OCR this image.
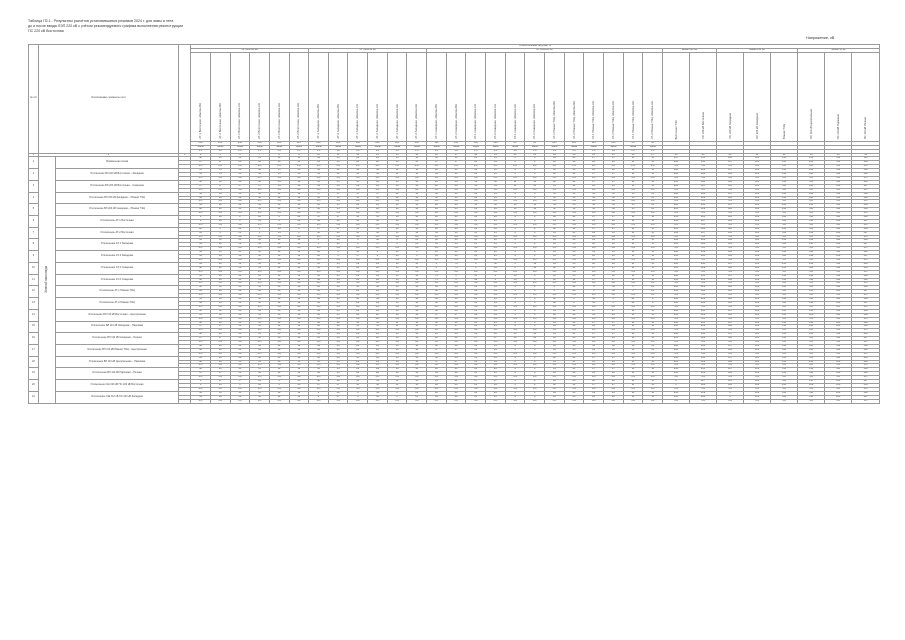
Таблица П2.1 - Результаты расчётов установившихся режимов 2024 г. для зимы и лета
до и после ввода ЛЭП 220 кВ с учётом рекомендуемого графика выполнения реконструкции
ПС 220 кВ Восточная
Напряжение, кВ
№ п/п	Отключаемые элементы сети			Относительная загрузка, %																															
				АТ 220/110 кВ						АТ 220/110 кВ						АТ 220/110 кВ												Шины 220 кВ		Шины 110 кВ			Шины 35 кВ		
				АТ-1 Восточная, обмотка ВН	АТ-2 Восточная, обмотка ВН	АТ-1 Восточная, обмотка СН	АТ-2 Восточная, обмотка СН	АТ-1 Восточная, обмотка НН	АТ-2 Восточная, обмотка НН	АТ-1 Западная, обмотка ВН	АТ-2 Западная, обмотка ВН	АТ-1 Западная, обмотка СН	АТ-2 Западная, обмотка СН	АТ-1 Западная, обмотка НН	АТ-2 Западная, обмотка НН	АТ-1 Северная, обмотка ВН	АТ-2 Северная, обмотка ВН	АТ-1 Северная, обмотка СН	АТ-2 Северная, обмотка СН	АТ-1 Северная, обмотка НН	АТ-2 Северная, обмотка НН	АТ-1 Южная ТЭЦ, обмотка ВН	АТ-2 Южная ТЭЦ, обмотка ВН	АТ-1 Южная ТЭЦ, обмотка СН	АТ-2 Южная ТЭЦ, обмотка СН	АТ-1 Южная ТЭЦ, обмотка НН	АТ-2 Южная ТЭЦ, обмотка НН	Восточная ТЭС	ПС 220 кВ Восточная	ПС 220 кВ Западная	ПС 220 кВ Северная	Южная ТЭЦ	ПС 110 кВ Центральная	ПС 110 кВ Парковая	ПС 110 кВ Речная
				250	250	250	250	125	125	200	200	200	200	100	100	160	160	160	160	80	80	125	125	125	125	63	63								
				Sном	Sном	Sном	Sном	Sном	Sном	Sном	Sном	Sном	Sном	Sном	Sном	Sном	Sном	Sном	Sном	Sном	Sном	Sном	Sном	Sном	Sном	Sном	Sном								
				1.0	1.0	1.0	1.0	1.0	1.0	1.0	1.0	1.0	1.0	1.0	1.0	1.0	1.0	1.0	1.0	1.0	1.0	1.0	1.0	1.0	1.0	1.0	1.0								
1	2		3	4	5	6	7	8	9	10	11	12	13	14	15	16	17	18	19	20	21	22	23	24	25	26	27	28	29	30	31	32	33	34	35
1	Зимний максимум	Нормальная схема		48	48	31	31	12	12	44	44	29	29	10	10	38	38	25	25	9	9	41	41	27	27	11	11	237	231	118	116	114	113	112	110
				47	47	30	30	12	12	43	43	28	28	10	10	37	37	24	24	9	9	40	40	26	26	11	11	236	230	117	115	113	112	111	109
				2%	2%	2%	2%	2%	2%	2%	2%	2%	2%	2%	2%	2%	2%	2%	2%	2%	2%	2%	2%	2%	2%	2%	2%	3%	3%	3%	3%	3%	3%	3%	3%
2		Отключение ВЛ 220 кВ Восточная – Западная		55	55	36	36	13	13	52	52	34	34	11	11	40	40	26	26	9	9	43	43	28	28	11	11	236	229	117	115	113	112	111	109
				54	54	35	35	13	13	51	51	33	33	11	11	39	39	25	25	9	9	42	42	27	27	11	11	235	228	116	114	112	111	110	108
				3%	3%	3%	3%	3%	3%	3%	3%	3%	3%	3%	3%	3%	3%	3%	3%	3%	3%	3%	3%	3%	3%	3%	3%	3%	3%	3%	3%	3%	3%	3%	3%
3		Отключение ВЛ 220 кВ Восточная – Северная		58	58	38	38	14	14	45	45	30	30	10	10	49	49	32	32	11	11	42	42	27	27	11	11	235	228	116	114	112	111	110	108
				57	57	37	37	14	14	44	44	29	29	10	10	48	48	31	31	11	11	41	41	26	26	11	11	234	227	115	113	111	110	109	107
				3%	3%	3%	3%	3%	3%	3%	3%	3%	3%	3%	3%	3%	3%	3%	3%	3%	3%	3%	3%	3%	3%	3%	3%	3%	3%	3%	3%	3%	3%	3%	3%
4		Отключение ВЛ 220 кВ Западная – Южная ТЭЦ		50	50	33	33	12	12	57	57	37	37	12	12	39	39	25	25	9	9	51	51	33	33	13	13	236	230	117	115	113	112	111	109
				49	49	32	32	12	12	56	56	36	36	12	12	38	38	24	24	9	9	50	50	32	32	13	13	235	229	116	114	112	111	110	108
				3%	3%	3%	3%	3%	3%	3%	3%	3%	3%	3%	3%	3%	3%	3%	3%	3%	3%	3%	3%	3%	3%	3%	3%	3%	3%	3%	3%	3%	3%	3%	3%
5		Отключение ВЛ 220 кВ Северная – Южная ТЭЦ		49	49	32	32	12	12	45	45	29	29	10	10	46	46	30	30	10	10	53	53	34	34	13	13	236	230	117	115	113	112	111	109
				48	48	31	31	12	12	44	44	28	28	10	10	45	45	29	29	10	10	52	52	33	33	13	13	235	229	116	114	112	111	110	108
				3%	3%	3%	3%	3%	3%	3%	3%	3%	3%	3%	3%	3%	3%	3%	3%	3%	3%	3%	3%	3%	3%	3%	3%	3%	3%	3%	3%	3%	3%	3%	3%
6		Отключение АТ-1 Восточная		0	96	0	62	0	24	47	47	31	31	10	10	40	40	26	26	9	9	42	42	27	27	11	11	235	228	116	114	112	111	110	108
				0	94	0	61	0	24	46	46	30	30	10	10	39	39	25	25	9	9	41	41	26	26	11	11	234	227	115	113	111	110	109	107
				0%	5%	0%	5%	0%	5%	3%	3%	3%	3%	3%	3%	3%	3%	3%	3%	3%	3%	3%	3%	3%	3%	3%	3%	3%	3%	3%	3%	3%	3%	3%	3%
7		Отключение АТ-2 Восточная		96	0	62	0	24	0	47	47	31	31	10	10	40	40	26	26	9	9	42	42	27	27	11	11	235	228	116	114	112	111	110	108
				94	0	61	0	24	0	46	46	30	30	10	10	39	39	25	25	9	9	41	41	26	26	11	11	234	227	115	113	111	110	109	107
				5%	0%	5%	0%	5%	0%	3%	3%	3%	3%	3%	3%	3%	3%	3%	3%	3%	3%	3%	3%	3%	3%	3%	3%	3%	3%	3%	3%	3%	3%	3%	3%
8		Отключение АТ-1 Западная		50	50	33	33	12	12	0	88	0	58	0	20	40	40	26	26	9	9	44	44	29	29	11	11	236	229	116	114	112	111	110	108
				49	49	32	32	12	12	0	86	0	57	0	20	39	39	25	25	9	9	43	43	28	28	11	11	235	228	115	113	111	110	109	107
				3%	3%	3%	3%	3%	3%	0%	5%	0%	5%	0%	5%	3%	3%	3%	3%	3%	3%	3%	3%	3%	3%	3%	3%	3%	3%	3%	3%	3%	3%	3%	3%
9		Отключение АТ-2 Западная		50	50	33	33	12	12	88	0	58	0	20	0	40	40	26	26	9	9	44	44	29	29	11	11	236	229	116	114	112	111	110	108
				49	49	32	32	12	12	86	0	57	0	20	0	39	39	25	25	9	9	43	43	28	28	11	11	235	228	115	113	111	110	109	107
				3%	3%	3%	3%	3%	3%	5%	0%	5%	0%	5%	0%	3%	3%	3%	3%	3%	3%	3%	3%	3%	3%	3%	3%	3%	3%	3%	3%	3%	3%	3%	3%
10		Отключение АТ-1 Северная		49	49	32	32	12	12	45	45	29	29	10	10	0	76	0	50	0	18	43	43	28	28	11	11	236	230	117	115	113	112	111	109
				48	48	31	31	12	12	44	44	28	28	10	10	0	75	0	49	0	18	42	42	27	27	11	11	235	229	116	114	112	111	110	108
				3%	3%	3%	3%	3%	3%	3%	3%	3%	3%	3%	3%	0%	5%	0%	5%	0%	5%	3%	3%	3%	3%	3%	3%	3%	3%	3%	3%	3%	3%	3%	3%
11		Отключение АТ-2 Северная		49	49	32	32	12	12	45	45	29	29	10	10	76	0	50	0	18	0	43	43	28	28	11	11	236	230	117	115	113	112	111	109
				48	48	31	31	12	12	44	44	28	28	10	10	75	0	49	0	18	0	42	42	27	27	11	11	235	229	116	114	112	111	110	108
				3%	3%	3%	3%	3%	3%	3%	3%	3%	3%	3%	3%	5%	0%	5%	0%	5%	0%	3%	3%	3%	3%	3%	3%	3%	3%	3%	3%	3%	3%	3%	3%
12		Отключение АТ-1 Южная ТЭЦ		50	50	33	33	12	12	46	46	30	30	10	10	39	39	25	25	9	9	0	82	0	54	0	22	236	229	116	114	112	111	110	108
				49	49	32	32	12	12	45	45	29	29	10	10	38	38	24	24	9	9	0	80	0	53	0	22	235	228	115	113	111	110	109	107
				3%	3%	3%	3%	3%	3%	3%	3%	3%	3%	3%	3%	3%	3%	3%	3%	3%	3%	0%	5%	0%	5%	0%	5%	3%	3%	3%	3%	3%	3%	3%	3%
13		Отключение АТ-2 Южная ТЭЦ		50	50	33	33	12	12	46	46	30	30	10	10	39	39	25	25	9	9	82	0	54	0	22	0	236	229	116	114	112	111	110	108
				49	49	32	32	12	12	45	45	29	29	10	10	38	38	24	24	9	9	80	0	53	0	22	0	235	228	115	113	111	110	109	107
				3%	3%	3%	3%	3%	3%	3%	3%	3%	3%	3%	3%	3%	3%	3%	3%	3%	3%	5%	0%	5%	0%	5%	0%	3%	3%	3%	3%	3%	3%	3%	3%
14		Отключение ВЛ 110 кВ Восточная – Центральная		52	52	34	34	12	12	44	44	29	29	10	10	38	38	25	25	9	9	41	41	27	27	11	11	236	230	117	115	113	110	111	109
				51	51	33	33	12	12	43	43	28	28	10	10	37	37	24	24	9	9	40	40	26	26	11	11	235	229	116	114	112	109	110	108
				3%	3%	3%	3%	3%	3%	3%	3%	3%	3%	3%	3%	3%	3%	3%	3%	3%	3%	3%	3%	3%	3%	3%	3%	3%	3%	3%	3%	3%	3%	3%	3%
15		Отключение ВЛ 110 кВ Западная – Парковая		48	48	31	31	12	12	49	49	32	32	11	11	38	38	25	25	9	9	41	41	27	27	11	11	236	230	117	115	113	112	109	109
				47	47	30	30	12	12	48	48	31	31	11	11	37	37	24	24	9	9	40	40	26	26	11	11	235	229	116	114	112	111	108	108
				3%	3%	3%	3%	3%	3%	3%	3%	3%	3%	3%	3%	3%	3%	3%	3%	3%	3%	3%	3%	3%	3%	3%	3%	3%	3%	3%	3%	3%	3%	3%	3%
16		Отключение ВЛ 110 кВ Северная – Речная		48	48	31	31	12	12	44	44	29	29	10	10	43	43	28	28	10	10	41	41	27	27	11	11	236	230	117	115	113	112	111	108
				47	47	30	30	12	12	43	43	28	28	10	10	42	42	27	27	10	10	40	40	26	26	11	11	235	229	116	114	112	111	110	107
				3%	3%	3%	3%	3%	3%	3%	3%	3%	3%	3%	3%	3%	3%	3%	3%	3%	3%	3%	3%	3%	3%	3%	3%	3%	3%	3%	3%	3%	3%	3%	3%
17		Отключение ВЛ 110 кВ Южная ТЭЦ – Центральная		49	49	32	32	12	12	44	44	29	29	10	10	38	38	25	25	9	9	46	46	30	30	12	12	236	230	117	115	112	111	111	109
				48	48	31	31	12	12	43	43	28	28	10	10	37	37	24	24	9	9	45	45	29	29	12	12	235	229	116	114	111	110	110	108
				3%	3%	3%	3%	3%	3%	3%	3%	3%	3%	3%	3%	3%	3%	3%	3%	3%	3%	3%	3%	3%	3%	3%	3%	3%	3%	3%	3%	3%	3%	3%	3%
18		Отключение ВЛ 110 кВ Центральная – Парковая		49	49	32	32	12	12	46	46	30	30	10	10	38	38	25	25	9	9	42	42	27	27	11	11	236	230	117	115	113	111	110	109
				48	48	31	31	12	12	45	45	29	29	10	10	37	37	24	24	9	9	41	41	26	26	11	11	235	229	116	114	112	110	109	108
				3%	3%	3%	3%	3%	3%	3%	3%	3%	3%	3%	3%	3%	3%	3%	3%	3%	3%	3%	3%	3%	3%	3%	3%	3%	3%	3%	3%	3%	3%	3%	3%
19		Отключение ВЛ 110 кВ Парковая – Речная		48	48	31	31	12	12	45	45	29	29	10	10	40	40	26	26	9	9	41	41	27	27	11	11	236	230	117	115	113	112	110	109
				47	47	30	30	12	12	44	44	28	28	10	10	39	39	25	25	9	9	40	40	26	26	11	11	235	229	116	114	112	111	109	108
				3%	3%	3%	3%	3%	3%	3%	3%	3%	3%	3%	3%	3%	3%	3%	3%	3%	3%	3%	3%	3%	3%	3%	3%	3%	3%	3%	3%	3%	3%	3%	3%
20		Отключение СШ 220 кВ ПС 220 кВ Восточная		0	97	0	63	0	25	48	48	31	31	11	11	41	41	27	27	9	9	43	43	28	28	11	11	0	227	115	113	111	110	109	107
				0	95	0	62	0	25	47	47	30	30	11	11	40	40	26	26	9	9	42	42	27	27	11	11	0	226	114	112	110	109	108	106
				0%	5%	0%	5%	0%	5%	3%	3%	3%	3%	3%	3%	3%	3%	3%	3%	3%	3%	3%	3%	3%	3%	3%	3%	0%	3%	3%	3%	3%	3%	3%	3%
21		Отключение СШ 110 кВ ПС 220 кВ Западная		50	50	33	33	12	12	0	89	0	59	0	21	40	40	26	26	9	9	44	44	29	29	11	11	236	229	0	114	112	111	109	108
				49	49	32	32	12	12	0	87	0	58	0	21	39	39	25	25	9	9	43	43	28	28	11	11	235	228	0	113	111	110	108	107
				3%	3%	3%	3%	3%	3%	0%	5%	0%	5%	0%	5%	3%	3%	3%	3%	3%	3%	3%	3%	3%	3%	3%	3%	3%	3%	0%	3%	3%	3%	3%	3%
